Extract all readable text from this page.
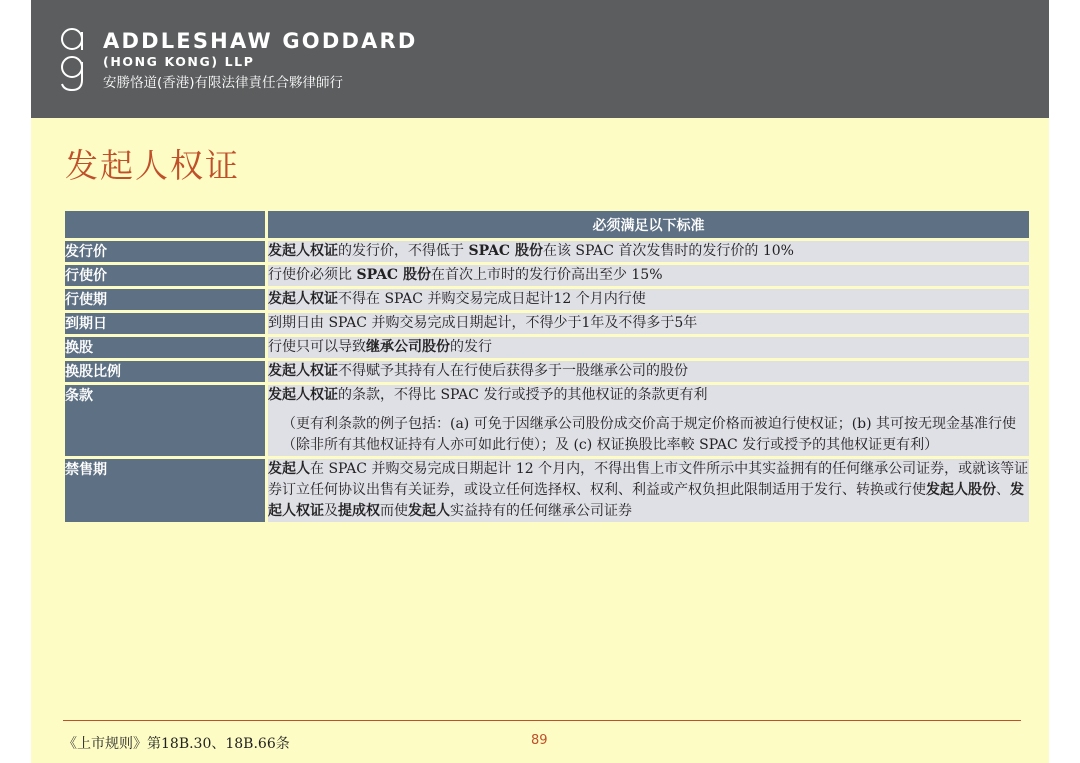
ADDLESHAW GODDARD
(HONG KONG) LLP
安勝恪道(香港)有限法律責任合夥律師行
发起人权证
	必须满足以下标准
发行价	发起人权证的发行价，不得低于 SPAC 股份在该 SPAC 首次发售时的发行价的 10%

行使价	行使价必须比 SPAC 股份在首次上市时的发行价高出至少 15%

行使期	发起人权证不得在 SPAC 并购交易完成日起计12 个月内行使

到期日	到期日由 SPAC 并购交易完成日期起计，不得少于1年及不得多于5年

换股	行使只可以导致继承公司股份的发行

换股比例	发起人权证不得赋予其持有人在行使后获得多于一股继承公司的股份

条款	发起人权证的条款，不得比 SPAC 发行或授予的其他权证的条款更有利
（更有利条款的例子包括：(a) 可免于因继承公司股份成交价高于规定价格而被迫行使权证；(b) 其可按无现金基准行使（除非所有其他权证持有人亦可如此行使）；及 (c) 权证换股比率較 SPAC 发行或授予的其他权证更有利）

禁售期	发起人在 SPAC 并购交易完成日期起计 12 个月内，不得出售上市文件所示中其实益拥有的任何继承公司证券，或就该等证券订立任何协议出售有关证券，或设立任何选择权、权利、利益或产权负担此限制适用于发行、转换或行使发起人股份、发起人权证及提成权而使发起人实益持有的任何继承公司证券
《上市规则》第18B.30、18B.66条	89
